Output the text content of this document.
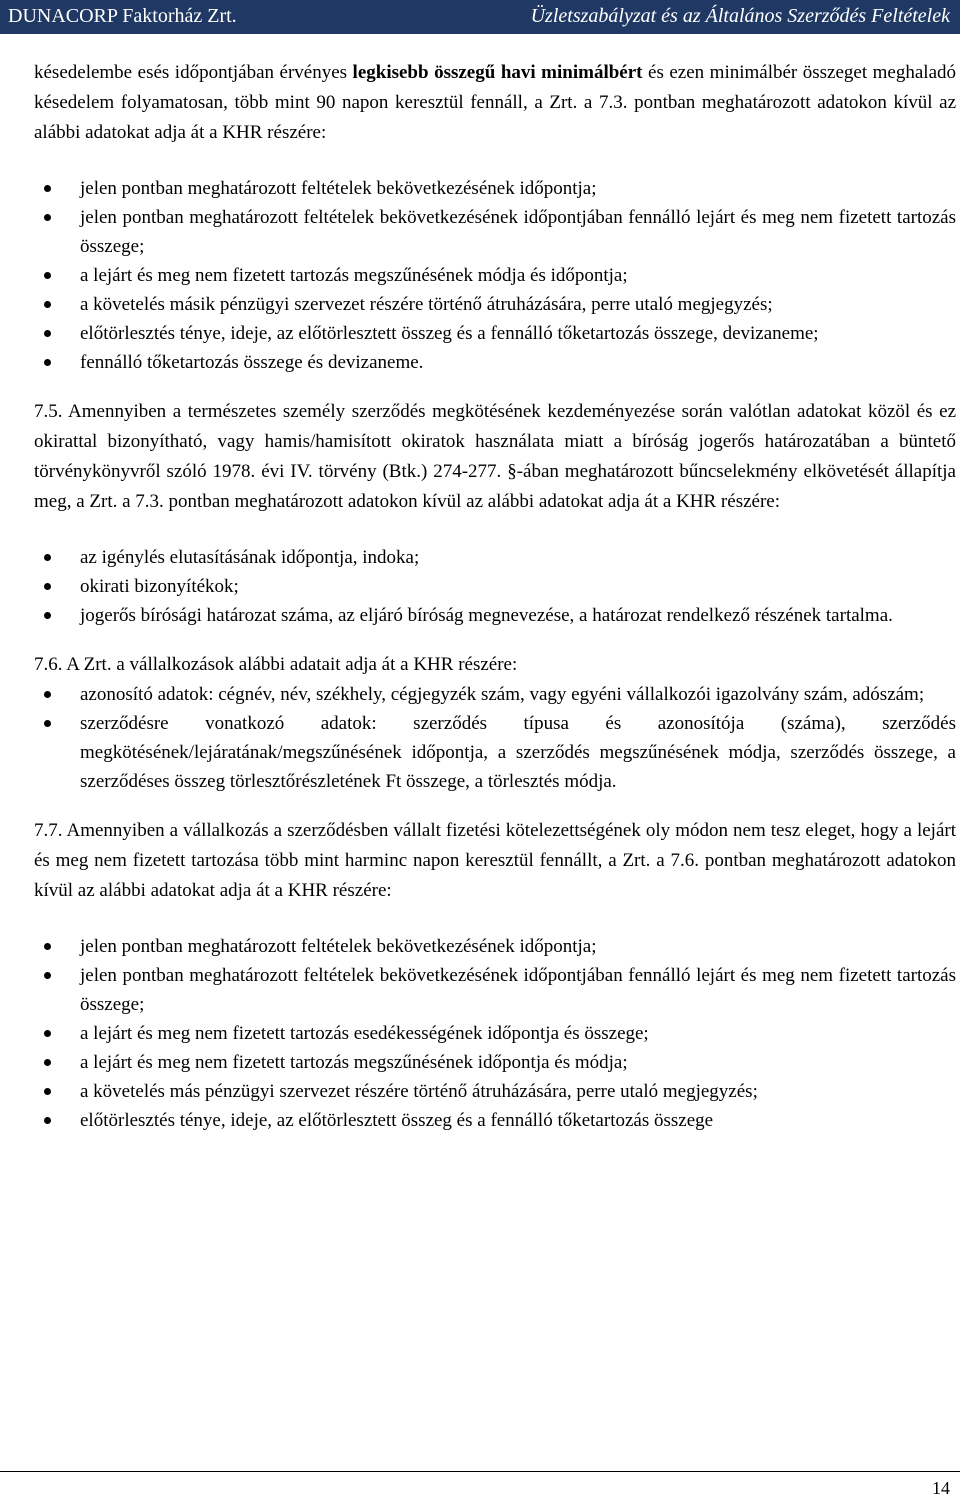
DUNACORP Faktorház Zrt.	Üzletszabályzat és az Általános Szerződés Feltételek

késedelembe esés időpontjában érvényes legkisebb összegű havi minimálbért és ezen minimálbér összeget meghaladó késedelem folyamatosan, több mint 90 napon keresztül fennáll, a Zrt. a 7.3. pontban meghatározott adatokon kívül az alábbi adatokat adja át a KHR részére:

jelen pontban meghatározott feltételek bekövetkezésének időpontja;
jelen pontban meghatározott feltételek bekövetkezésének időpontjában fennálló lejárt és meg nem fizetett tartozás összege;
a lejárt és meg nem fizetett tartozás megszűnésének módja és időpontja;
a követelés másik pénzügyi szervezet részére történő átruházására, perre utaló megjegyzés;
előtörlesztés ténye, ideje, az előtörlesztett összeg és a fennálló tőketartozás összege, devizaneme;
fennálló tőketartozás összege és devizaneme.

7.5. Amennyiben a természetes személy szerződés megkötésének kezdeményezése során valótlan adatokat közöl és ez okirattal bizonyítható, vagy hamis/hamisított okiratok használata miatt a bíróság jogerős határozatában a büntető törvénykönyvről szóló 1978. évi IV. törvény (Btk.) 274-277. §-ában meghatározott bűncselekmény elkövetését állapítja meg, a Zrt. a 7.3. pontban meghatározott adatokon kívül az alábbi adatokat adja át a KHR részére:

az igénylés elutasításának időpontja, indoka;
okirati bizonyítékok;
jogerős bírósági határozat száma, az eljáró bíróság megnevezése, a határozat rendelkező részének tartalma.

7.6. A Zrt. a vállalkozások alábbi adatait adja át a KHR részére:

azonosító adatok: cégnév, név, székhely, cégjegyzék szám, vagy egyéni vállalkozói igazolvány szám, adószám;
szerződésre vonatkozó adatok: szerződés típusa és azonosítója (száma), szerződés megkötésének/lejáratának/megszűnésének időpontja, a szerződés megszűnésének módja, szerződés összege, a szerződéses összeg törlesztőrészletének Ft összege, a törlesztés módja.

7.7. Amennyiben a vállalkozás a szerződésben vállalt fizetési kötelezettségének oly módon nem tesz eleget, hogy a lejárt és meg nem fizetett tartozása több mint harminc napon keresztül fennállt, a Zrt. a 7.6. pontban meghatározott adatokon kívül az alábbi adatokat adja át a KHR részére:

jelen pontban meghatározott feltételek bekövetkezésének időpontja;
jelen pontban meghatározott feltételek bekövetkezésének időpontjában fennálló lejárt és meg nem fizetett tartozás összege;
a lejárt és meg nem fizetett tartozás esedékességének időpontja és összege;
a lejárt és meg nem fizetett tartozás megszűnésének időpontja és módja;
a követelés más pénzügyi szervezet részére történő átruházására, perre utaló megjegyzés;
előtörlesztés ténye, ideje, az előtörlesztett összeg és a fennálló tőketartozás összege
14
